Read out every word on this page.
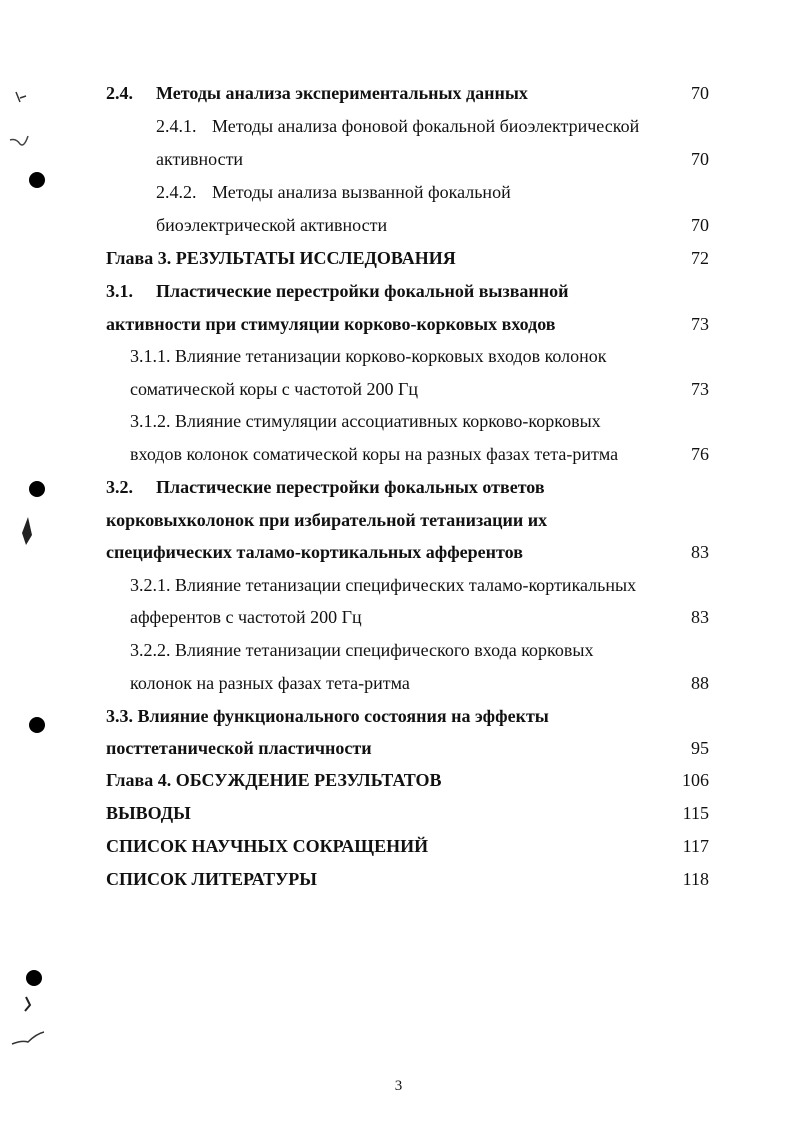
2.4. Методы анализа экспериментальных данных	70
2.4.1. Методы анализа фоновой фокальной биоэлектрической
активности	70
2.4.2. Методы анализа вызванной фокальной
биоэлектрической активности	70
Глава 3. РЕЗУЛЬТАТЫ ИССЛЕДОВАНИЯ	72
3.1. Пластические перестройки фокальной вызванной
активности при стимуляции корково-корковых входов	73
3.1.1. Влияние тетанизации корково-корковых входов колонок
соматической коры с частотой 200 Гц	73
3.1.2. Влияние стимуляции ассоциативных корково-корковых
входов колонок соматической коры на разных фазах тета-ритма	76
3.2. Пластические перестройки фокальных ответов
корковыхколонок при избирательной тетанизации их
специфических таламо-кортикальных афферентов	83
3.2.1. Влияние тетанизации специфических таламо-кортикальных
афферентов с частотой 200 Гц	83
3.2.2. Влияние тетанизации специфического входа корковых
колонок на разных фазах тета-ритма	88
3.3. Влияние функционального состояния на эффекты
посттетанической пластичности	95
Глава 4. ОБСУЖДЕНИЕ РЕЗУЛЬТАТОВ	106
ВЫВОДЫ	115
СПИСОК НАУЧНЫХ СОКРАЩЕНИЙ	117
СПИСОК ЛИТЕРАТУРЫ	118
3
